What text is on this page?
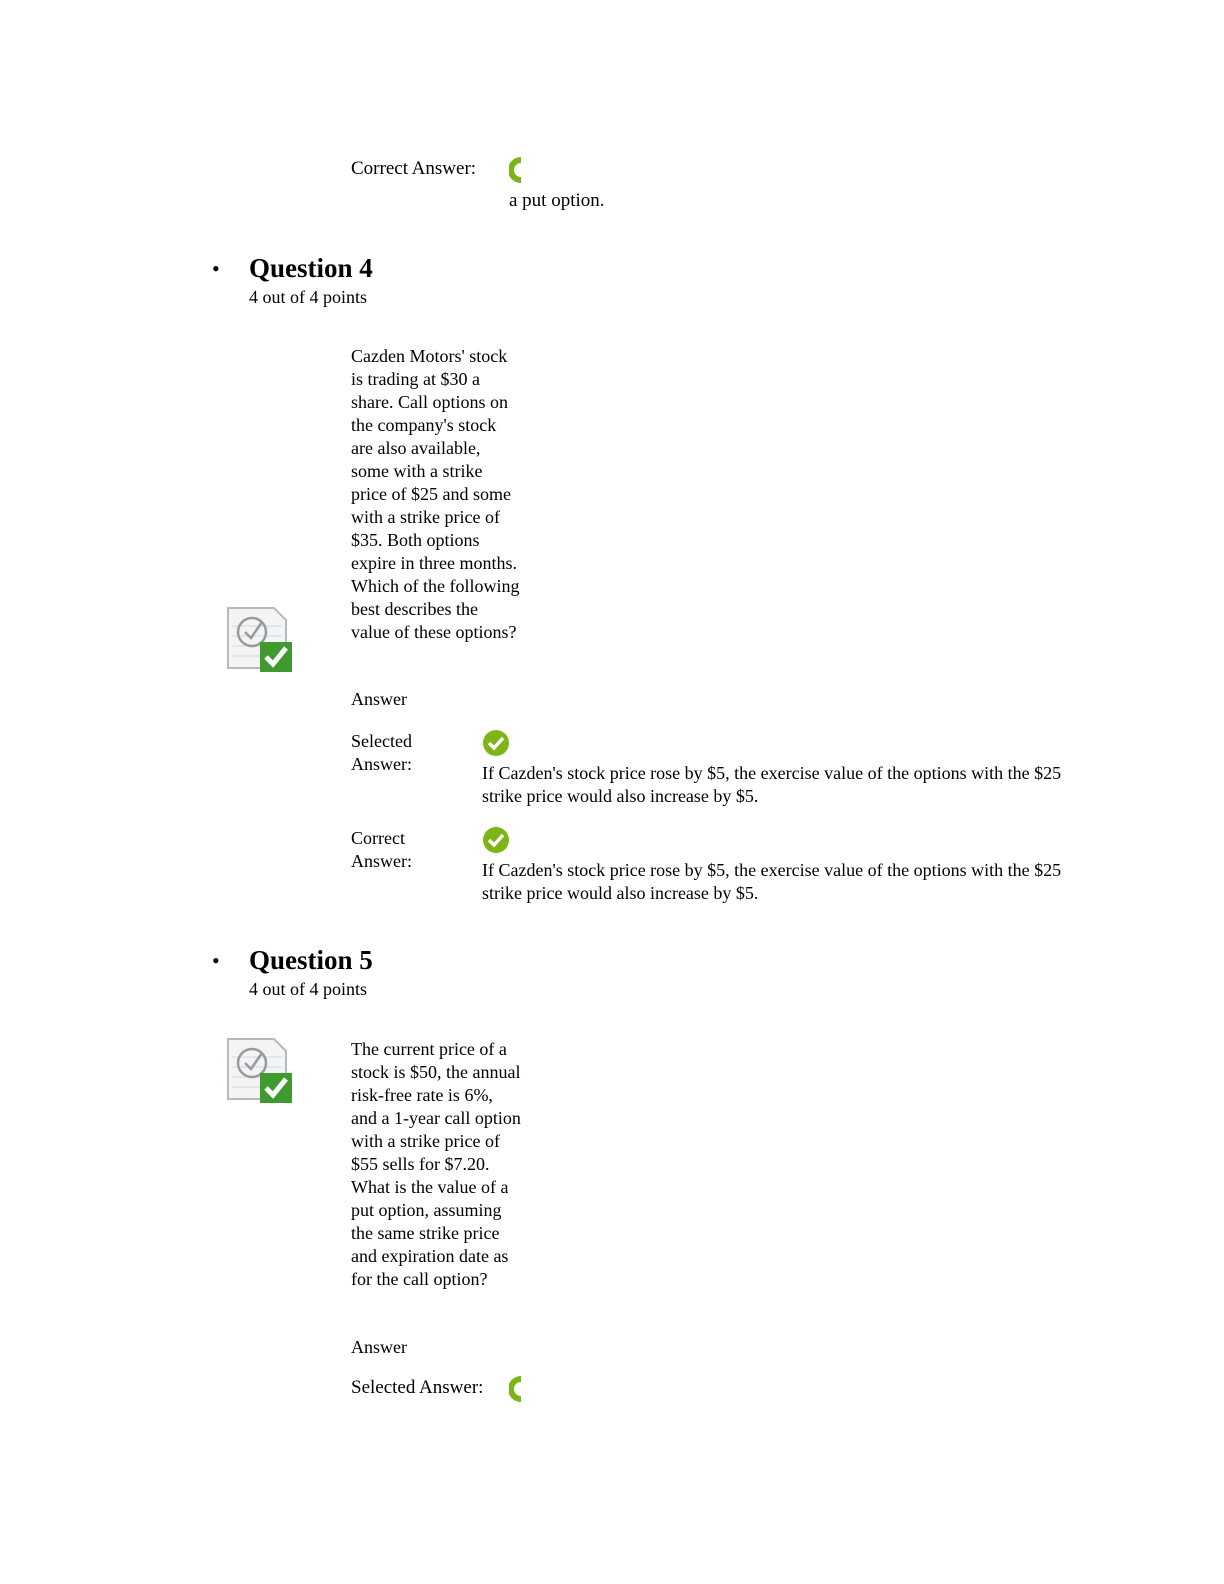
Correct Answer:
a put option.
• Question 4
4 out of 4 points
Cazden Motors' stock is trading at $30 a share. Call options on the company's stock are also available, some with a strike price of $25 and some with a strike price of $35. Both options expire in three months. Which of the following best describes the value of these options?
Answer
Selected Answer:	If Cazden's stock price rose by $5, the exercise value of the options with the $25 strike price would also increase by $5.
Correct Answer:	If Cazden's stock price rose by $5, the exercise value of the options with the $25 strike price would also increase by $5.
• Question 5
4 out of 4 points
The current price of a stock is $50, the annual risk-free rate is 6%, and a 1-year call option with a strike price of $55 sells for $7.20. What is the value of a put option, assuming the same strike price and expiration date as for the call option?
Answer
Selected Answer:
